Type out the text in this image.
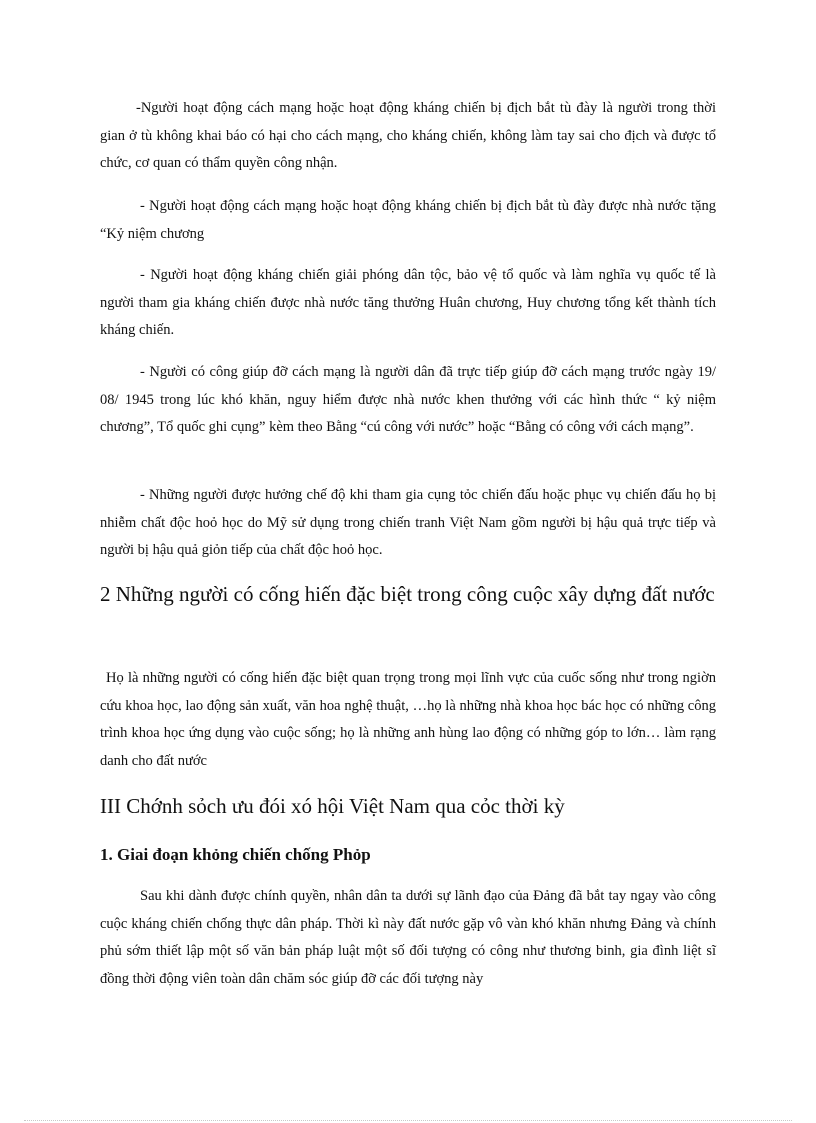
-Người hoạt động cách mạng hoặc hoạt động kháng chiến bị địch bắt tù đày là người trong thời gian ở tù không khai báo có hại cho cách mạng, cho kháng chiến, không làm tay sai cho địch và được tổ chức, cơ quan có thẩm quyền công nhận.

- Người hoạt động cách mạng hoặc hoạt động kháng chiến bị địch bắt tù đày được nhà nước tặng “Kỷ niệm chương

- Người hoạt động kháng chiến giải phóng dân tộc, bảo vệ tổ quốc và làm nghĩa vụ quốc tế là người tham gia kháng chiến được nhà nước tăng thưởng Huân chương, Huy chương tổng kết thành tích kháng chiến.

- Người có công giúp đỡ cách mạng là người dân đã trực tiếp giúp đỡ cách mạng trước ngày 19/ 08/ 1945 trong lúc khó khăn, nguy hiểm được nhà nước khen thưởng với các hình thức “ kỷ niệm chương”, Tổ quốc ghi cụng” kèm theo Bằng “cú công với nước” hoặc “Bằng có công với cách mạng”.

- Những người được hưởng chế độ khi tham gia cụng tỏc chiến đấu hoặc phục vụ chiến đấu họ bị nhiễm chất độc hoỏ học do Mỹ sử dụng trong chiến tranh Việt Nam gồm người bị hậu quả trực tiếp và người bị hậu quả giỏn tiếp của chất độc hoỏ học.

2 Những người có cống hiến đặc biệt trong công cuộc xây dựng đất nước

Họ là những người có cống hiến đặc biệt quan trọng trong mọi lĩnh vực của cuốc sống như trong ngiờn cứu khoa học, lao động sản xuất, văn hoa nghệ thuật, …họ là những nhà khoa học bác học có những công trình khoa học ứng dụng vào cuộc sống; họ là những anh hùng lao động có những góp to lớn… làm rạng danh cho đất nước

III Chớnh sỏch ưu đói xó hội Việt Nam qua cỏc thời kỳ
1. Giai đoạn khỏng chiến chống Phỏp

Sau khi dành được chính quyền, nhân dân ta dưới sự lãnh đạo của Đảng đã bắt tay ngay vào công cuộc kháng chiến chống thực dân pháp. Thời kì này đất nước gặp vô vàn khó khăn nhưng Đảng và chính phủ sớm thiết lập một số văn bản pháp luật một số đối tượng có công như thương binh, gia đình liệt sĩ đồng thời động viên toàn dân chăm sóc giúp đỡ các đối tượng này
